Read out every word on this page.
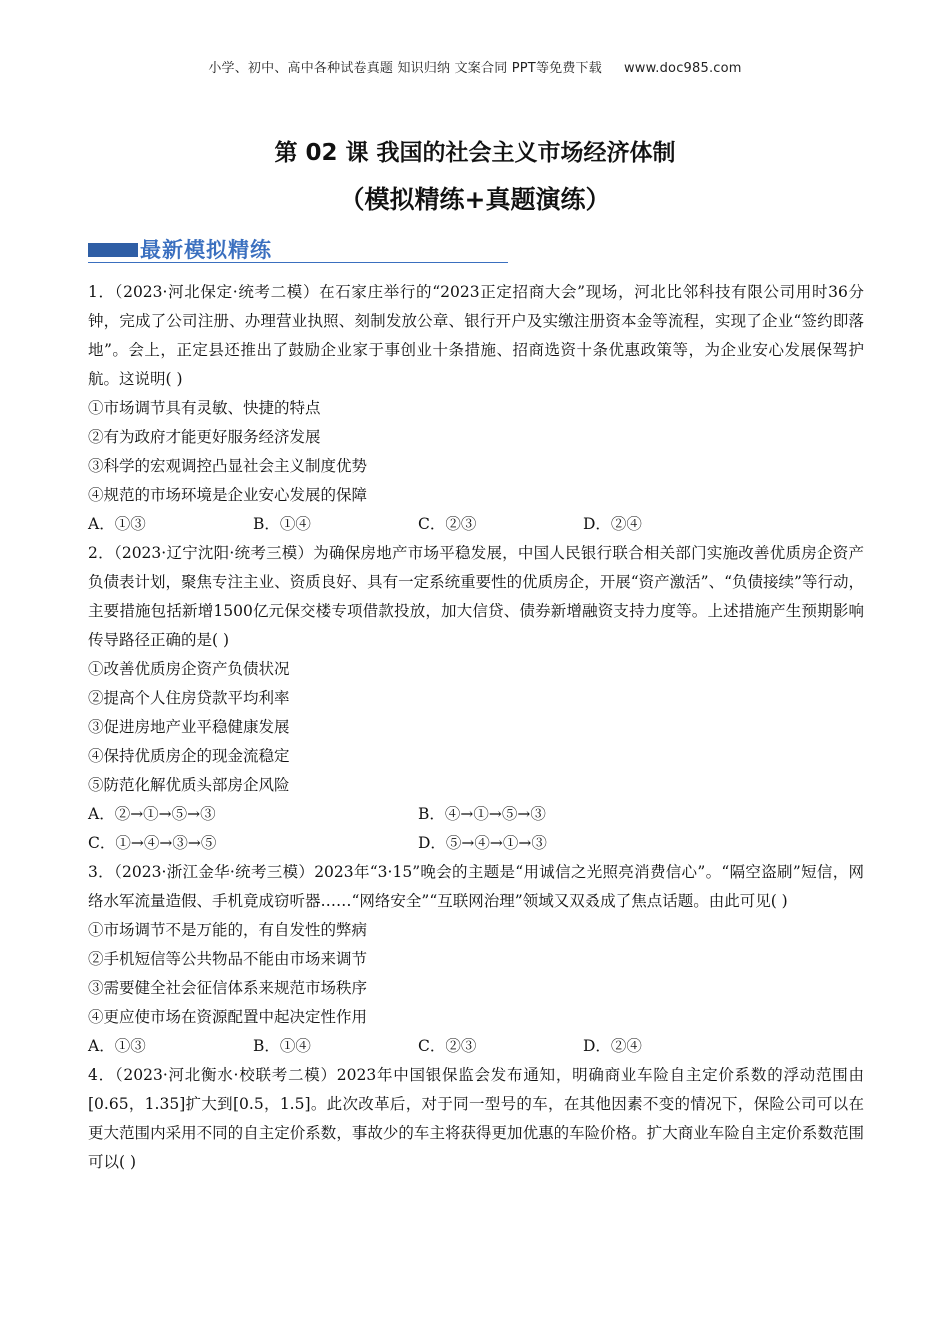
小学、初中、高中各种试卷真题 知识归纳 文案合同 PPT等免费下载 www.doc985.com
第 02 课 我国的社会主义市场经济体制
（模拟精练+真题演练）
最新模拟精练

1．（2023·河北保定·统考二模）在石家庄举行的“2023正定招商大会”现场，河北比邻科技有限公司用时36分钟，完成了公司注册、办理营业执照、刻制发放公章、银行开户及实缴注册资本金等流程，实现了企业“签约即落地”。会上，正定县还推出了鼓励企业家于事创业十条措施、招商选资十条优惠政策等，为企业安心发展保驾护航。这说明( )

①市场调节具有灵敏、快捷的特点

②有为政府才能更好服务经济发展

③科学的宏观调控凸显社会主义制度优势

④规范的市场环境是企业安心发展的保障

A．①③	B．①④	C．②③	D．②④

2．（2023·辽宁沈阳·统考三模）为确保房地产市场平稳发展，中国人民银行联合相关部门实施改善优质房企资产负债表计划，聚焦专注主业、资质良好、具有一定系统重要性的优质房企，开展“资产激活”、“负债接续”等行动，主要措施包括新增1500亿元保交楼专项借款投放，加大信贷、债券新增融资支持力度等。上述措施产生预期影响传导路径正确的是( )

①改善优质房企资产负债状况

②提高个人住房贷款平均利率

③促进房地产业平稳健康发展

④保持优质房企的现金流稳定

⑤防范化解优质头部房企风险

A．②→①→⑤→③	B．④→①→⑤→③
C．①→④→③→⑤	D．⑤→④→①→③

3．（2023·浙江金华·统考三模）2023年“3·15”晚会的主题是“用诚信之光照亮消费信心”。“隔空盗刷”短信，网络水军流量造假、手机竟成窃听器……“网络安全”“互联网治理”领域又双叒成了焦点话题。由此可见( )

①市场调节不是万能的，有自发性的弊病

②手机短信等公共物品不能由市场来调节

③需要健全社会征信体系来规范市场秩序

④更应使市场在资源配置中起决定性作用

A．①③	B．①④	C．②③	D．②④

4．（2023·河北衡水·校联考二模）2023年中国银保监会发布通知，明确商业车险自主定价系数的浮动范围由[0.65，1.35]扩大到[0.5，1.5]。此次改革后，对于同一型号的车，在其他因素不变的情况下，保险公司可以在更大范围内采用不同的自主定价系数，事故少的车主将获得更加优惠的车险价格。扩大商业车险自主定价系数范围可以( )
